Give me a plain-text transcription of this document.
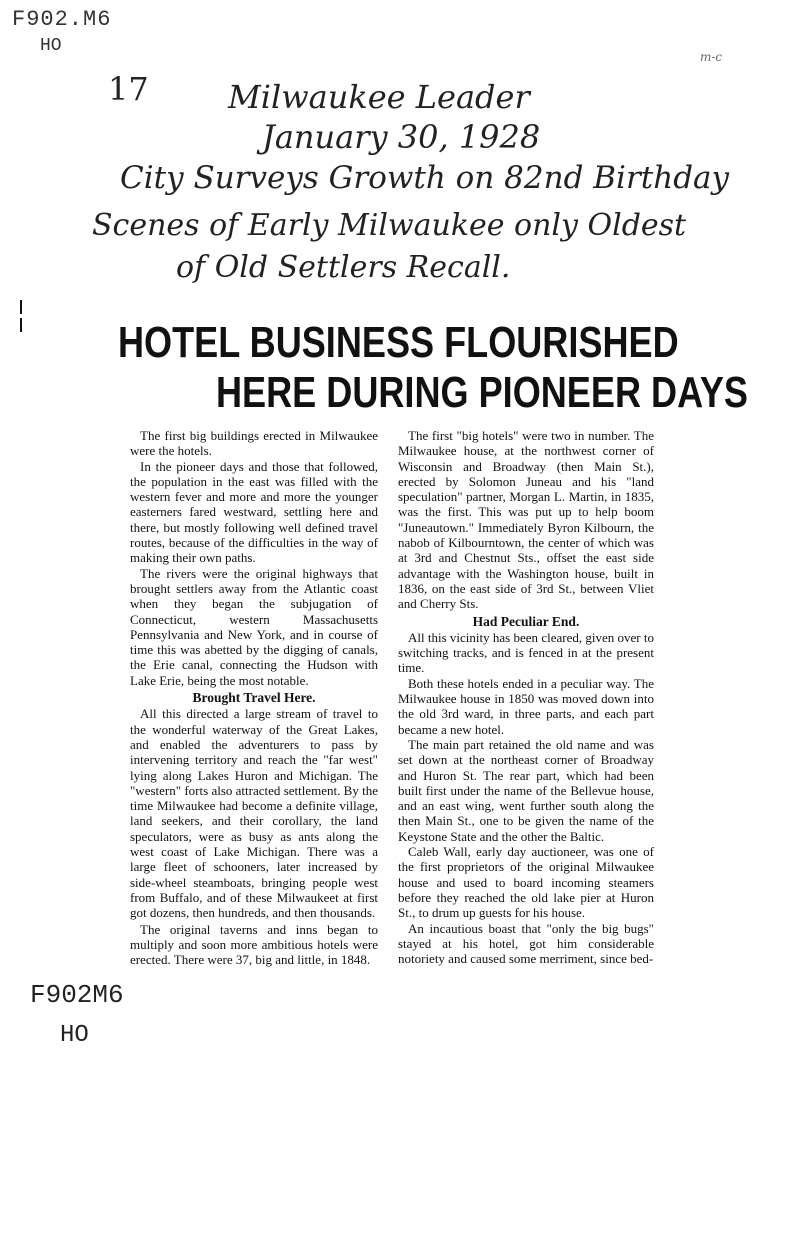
F902.M6
HO
17
m-c
Milwaukee Leader
January 30, 1928
City Surveys Growth on 82nd Birthday
Scenes of Early Milwaukee only Oldest
of Old Settlers Recall.
HOTEL BUSINESS FLOURISHED
HERE DURING PIONEER DAYS

The first big buildings erected in Milwaukee were the hotels.

In the pioneer days and those that followed, the population in the east was filled with the western fever and more and more the younger easterners fared westward, settling here and there, but mostly following well defined travel routes, because of the difficulties in the way of making their own paths.

The rivers were the original highways that brought settlers away from the Atlantic coast when they began the subjugation of Connecticut, western Massachusetts Pennsylvania and New York, and in course of time this was abetted by the digging of canals, the Erie canal, connecting the Hudson with Lake Erie, being the most notable.

Brought Travel Here.

All this directed a large stream of travel to the wonderful waterway of the Great Lakes, and enabled the adventurers to pass by intervening territory and reach the "far west" lying along Lakes Huron and Michigan. The "western" forts also attracted settlement. By the time Milwaukee had become a definite village, land seekers, and their corollary, the land speculators, were as busy as ants along the west coast of Lake Michigan. There was a large fleet of schooners, later increased by side-wheel steamboats, bringing people west from Buffalo, and of these Milwaukeet at first got dozens, then hundreds, and then thousands.

The original taverns and inns began to multiply and soon more ambitious hotels were erected. There were 37, big and little, in 1848.

The first "big hotels" were two in number. The Milwaukee house, at the northwest corner of Wisconsin and Broadway (then Main St.), erected by Solomon Juneau and his "land speculation" partner, Morgan L. Martin, in 1835, was the first. This was put up to help boom "Juneautown." Immediately Byron Kilbourn, the nabob of Kilbourntown, the center of which was at 3rd and Chestnut Sts., offset the east side advantage with the Washington house, built in 1836, on the east side of 3rd St., between Vliet and Cherry Sts.

Had Peculiar End.

All this vicinity has been cleared, given over to switching tracks, and is fenced in at the present time.

Both these hotels ended in a peculiar way. The Milwaukee house in 1850 was moved down into the old 3rd ward, in three parts, and each part became a new hotel.

The main part retained the old name and was set down at the northeast corner of Broadway and Huron St. The rear part, which had been built first under the name of the Bellevue house, and an east wing, went further south along the then Main St., one to be given the name of the Keystone State and the other the Baltic.

Caleb Wall, early day auctioneer, was one of the first proprietors of the original Milwaukee house and used to board incoming steamers before they reached the old lake pier at Huron St., to drum up guests for his house.

An incautious boast that "only the big bugs" stayed at his hotel, got him considerable notoriety and caused some merriment, since bed-

F902M6
HO
